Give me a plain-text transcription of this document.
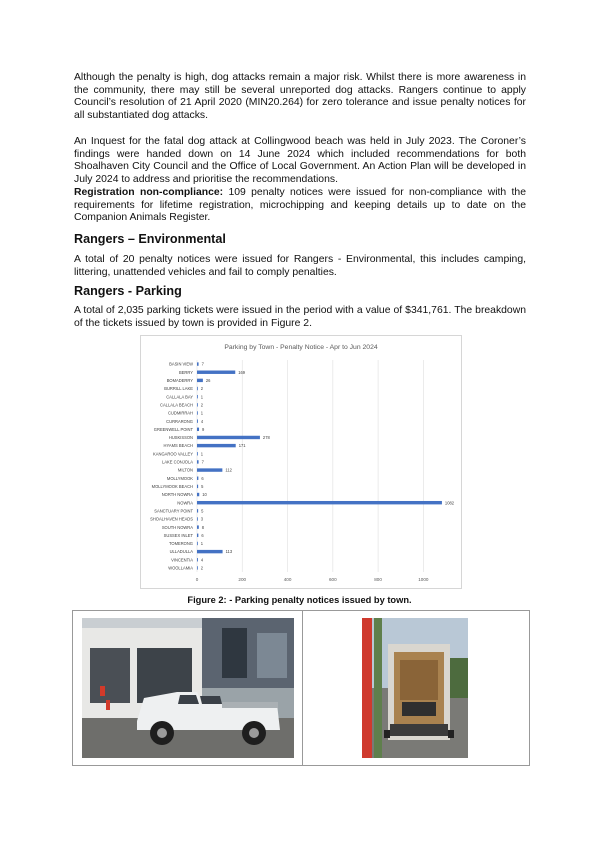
Although the penalty is high, dog attacks remain a major risk. Whilst there is more awareness in the community, there may still be several unreported dog attacks. Rangers continue to apply Council’s resolution of 21 April 2020 (MIN20.264) for zero tolerance and issue penalty notices for all substantiated dog attacks.

An Inquest for the fatal dog attack at Collingwood beach was held in July 2023. The Coroner’s findings were handed down on 14 June 2024 which included recommendations for both Shoalhaven City Council and the Office of Local Government. An Action Plan will be developed in July 2024 to address and prioritise the recommendations.

Registration non-compliance: 109 penalty notices were issued for non-compliance with the requirements for lifetime registration, microchipping and keeping details up to date on the Companion Animals Register.

Rangers – Environmental

A total of 20 penalty notices were issued for Rangers - Environmental, this includes camping, littering, unattended vehicles and fail to comply penalties.

Rangers - Parking

A total of 2,035 parking tickets were issued in the period with a value of $341,761. The breakdown of the tickets issued by town is provided in Figure 2.

Parking by Town - Penalty Notice - Apr to Jun 2024
0	200	400	600	800	1000
BASIN VIEW 7
BERRY	169
BOMADERRY	26
BURRILL LAKE 2
CALLALA BAY 1
CALLALA BEACH 2
CUDMIRRAH 1
CURRARONG 4
GREENWELL POINT 9
HUSKISSON	278
HYAMS BEACH	171
KANGAROO VALLEY 1
LAKE CONJOLA 7
MILTON	112
MOLLYMOOK 6
MOLLYMOOK BEACH 5
NORTH NOWRA 10
NOWRA	1082
SANCTUARY POINT 5
SHOALHAVEN HEADS 3
SOUTH NOWRA 8
SUSSEX INLET 6
TOMERONG 1
ULLADULLA	113
VINCENTIA 4
WOOLLAMIA 2
Figure 2: - Parking penalty notices issued by town.
